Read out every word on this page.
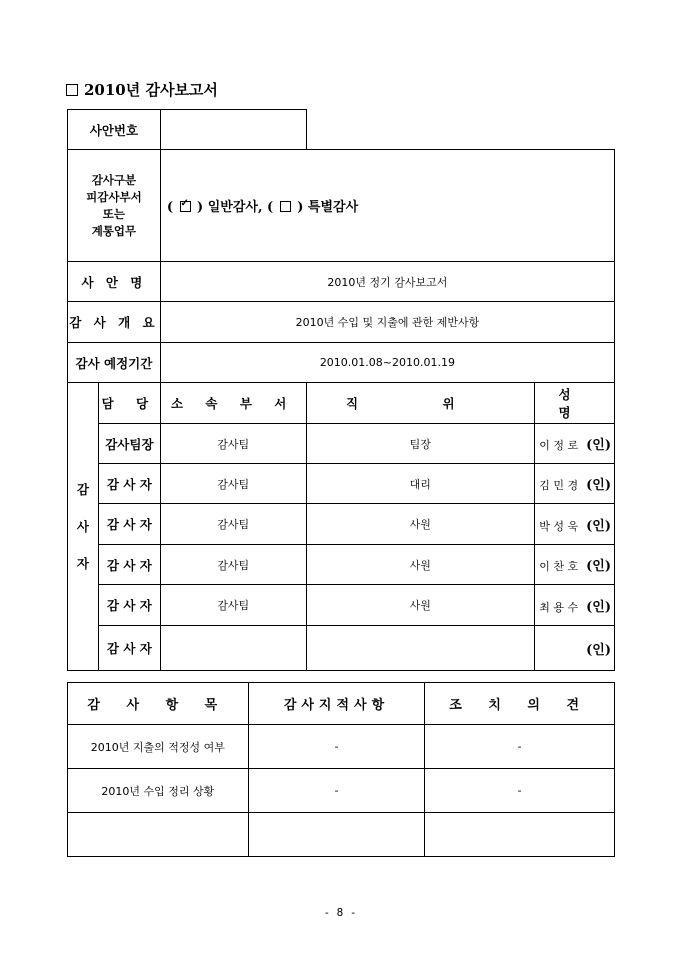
2010년 감사보고서
사안번호				
감사구분
피감사부서
또는
계통업무		( ✓ ) 일반감사, (  ) 특별감사
사 안 명		2010년 정기 감사보고서		
감 사 개 요		2010년 수입 및 지출에 관한 제반사항		
감사 예정기간		2010.01.08~2010.01.19		

감
사
자	담 당	소 속 부 서	직 위	성 명
	감사팀장	감사팀	팀장	이 정 로 (인)
	감 사 자	감사팀	대리	김 민 경 (인)
	감 사 자	감사팀	사원	박 성 욱 (인)
	감 사 자	감사팀	사원	이 찬 호 (인)
	감 사 자	감사팀	사원	최 용 수 (인)
	감 사 자			(인)
감 사 항 목	감사지적사항	조 치 의 견
2010년 지출의 적정성 여부	-	-
2010년 수입 정리 상황	-	-

- 8 -
